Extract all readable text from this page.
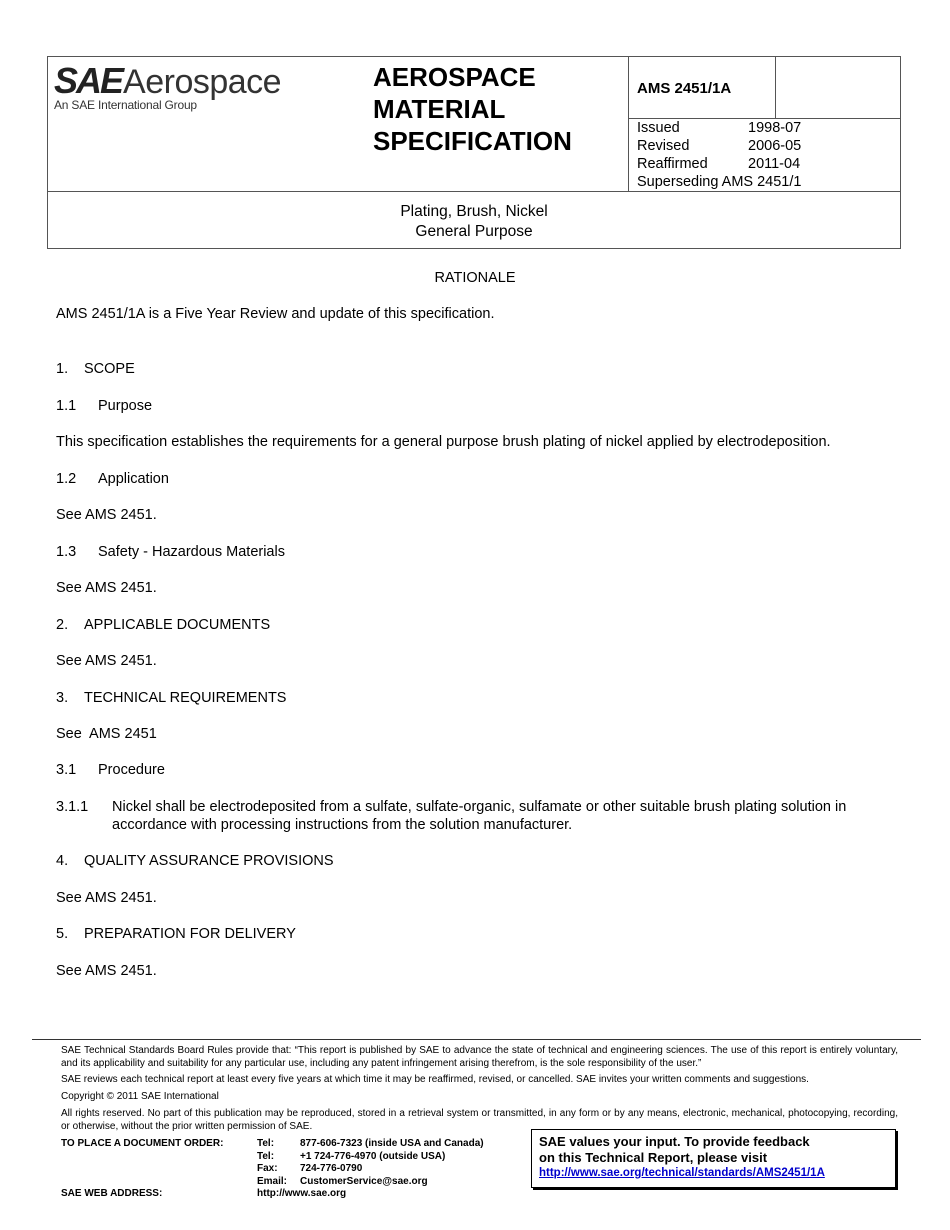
SAE Aerospace
An SAE International Group
AEROSPACE
MATERIAL
SPECIFICATION
AMS 2451/1A
Issued	1998-07
Revised	2006-05
Reaffirmed	2011-04
Superseding AMS 2451/1
Plating, Brush, Nickel
General Purpose
RATIONALE
AMS 2451/1A is a Five Year Review and update of this specification.
1. SCOPE
1.1 Purpose
This specification establishes the requirements for a general purpose brush plating of nickel applied by electrodeposition.
1.2 Application
See AMS 2451.
1.3 Safety - Hazardous Materials
See AMS 2451.
2. APPLICABLE DOCUMENTS
See AMS 2451.
3. TECHNICAL REQUIREMENTS
See  AMS 2451
3.1 Procedure
3.1.1 Nickel shall be electrodeposited from a sulfate, sulfate-organic, sulfamate or other suitable brush plating solution in accordance with processing instructions from the solution manufacturer.
4. QUALITY ASSURANCE PROVISIONS
See AMS 2451.
5. PREPARATION FOR DELIVERY
See AMS 2451.
SAE Technical Standards Board Rules provide that: “This report is published by SAE to advance the state of technical and engineering sciences. The use of this report is entirely voluntary, and its applicability and suitability for any particular use, including any patent infringement arising therefrom, is the sole responsibility of the user.”
SAE reviews each technical report at least every five years at which time it may be reaffirmed, revised, or cancelled. SAE invites your written comments and suggestions.
Copyright © 2011 SAE International
All rights reserved. No part of this publication may be reproduced, stored in a retrieval system or transmitted, in any form or by any means, electronic, mechanical, photocopying, recording, or otherwise, without the prior written permission of SAE.
TO PLACE A DOCUMENT ORDER:	Tel:	877-606-7323 (inside USA and Canada)
Tel:	+1 724-776-4970 (outside USA)
Fax: 724-776-0790
Email: CustomerService@sae.org
SAE WEB ADDRESS:	http://www.sae.org
SAE values your input. To provide feedback
on this Technical Report, please visit
http://www.sae.org/technical/standards/AMS2451/1A
